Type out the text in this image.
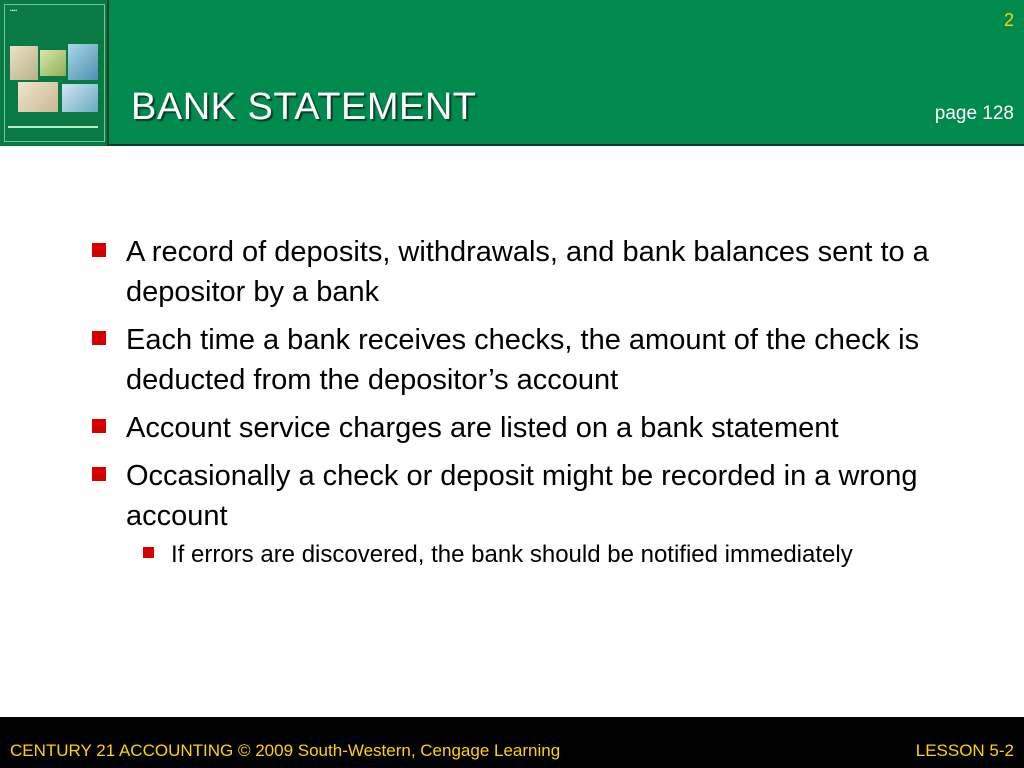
▪▪▪▪
BANK STATEMENT
2
page 128
A record of deposits, withdrawals, and bank balances sent to a depositor by a bank
Each time a bank receives checks, the amount of the check is deducted from the depositor’s account
Account service charges are listed on a bank statement
Occasionally a check or deposit might be recorded in a wrong account
If errors are discovered, the bank should be notified immediately
CENTURY 21 ACCOUNTING © 2009 South-Western, Cengage Learning	LESSON 5-2
